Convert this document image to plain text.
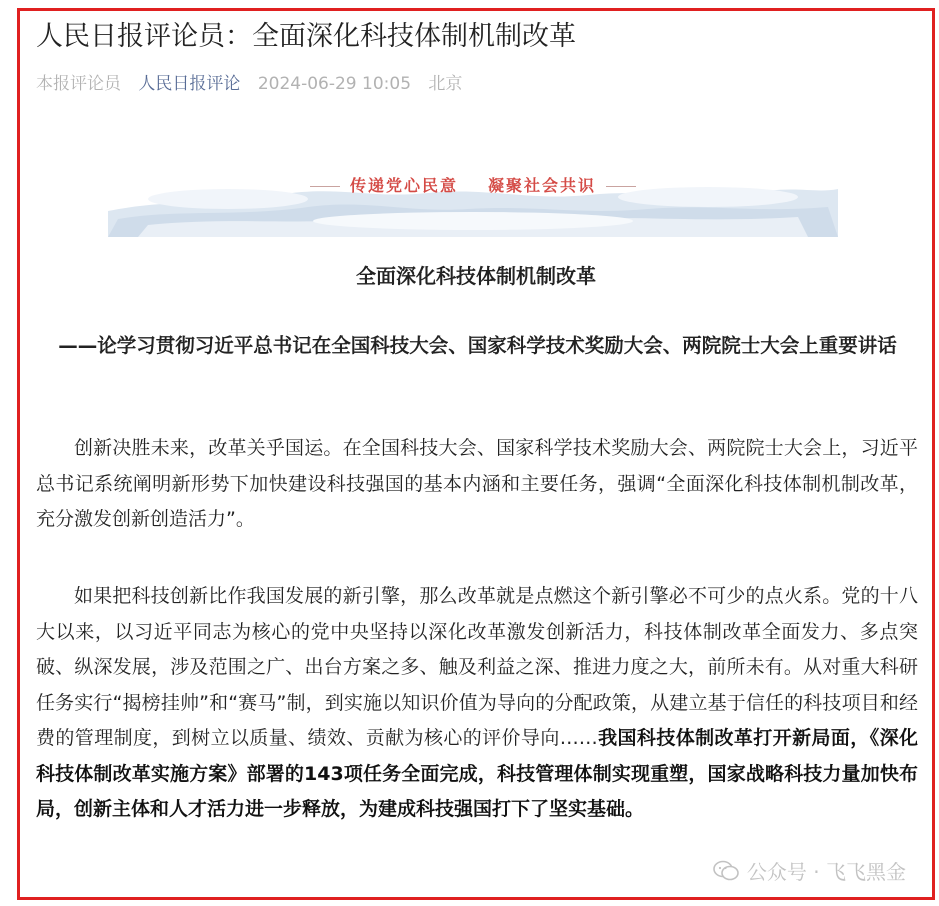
人民日报评论员：全面深化科技体制机制改革
本报评论员 人民日报评论 2024-06-29 10:05 北京
传递党心民意 凝聚社会共识
全面深化科技体制机制改革
——论学习贯彻习近平总书记在全国科技大会、国家科学技术奖励大会、两院院士大会上重要讲话

创新决胜未来，改革关乎国运。在全国科技大会、国家科学技术奖励大会、两院院士大会上，习近平总书记系统阐明新形势下加快建设科技强国的基本内涵和主要任务，强调“全面深化科技体制机制改革，充分激发创新创造活力”。

如果把科技创新比作我国发展的新引擎，那么改革就是点燃这个新引擎必不可少的点火系。党的十八大以来，以习近平同志为核心的党中央坚持以深化改革激发创新活力，科技体制改革全面发力、多点突破、纵深发展，涉及范围之广、出台方案之多、触及利益之深、推进力度之大，前所未有。从对重大科研任务实行“揭榜挂帅”和“赛马”制，到实施以知识价值为导向的分配政策，从建立基于信任的科技项目和经费的管理制度，到树立以质量、绩效、贡献为核心的评价导向……我国科技体制改革打开新局面，《深化科技体制改革实施方案》部署的143项任务全面完成，科技管理体制实现重塑，国家战略科技力量加快布局，创新主体和人才活力进一步释放，为建成科技强国打下了坚实基础。

公众号 · 飞飞黑金
